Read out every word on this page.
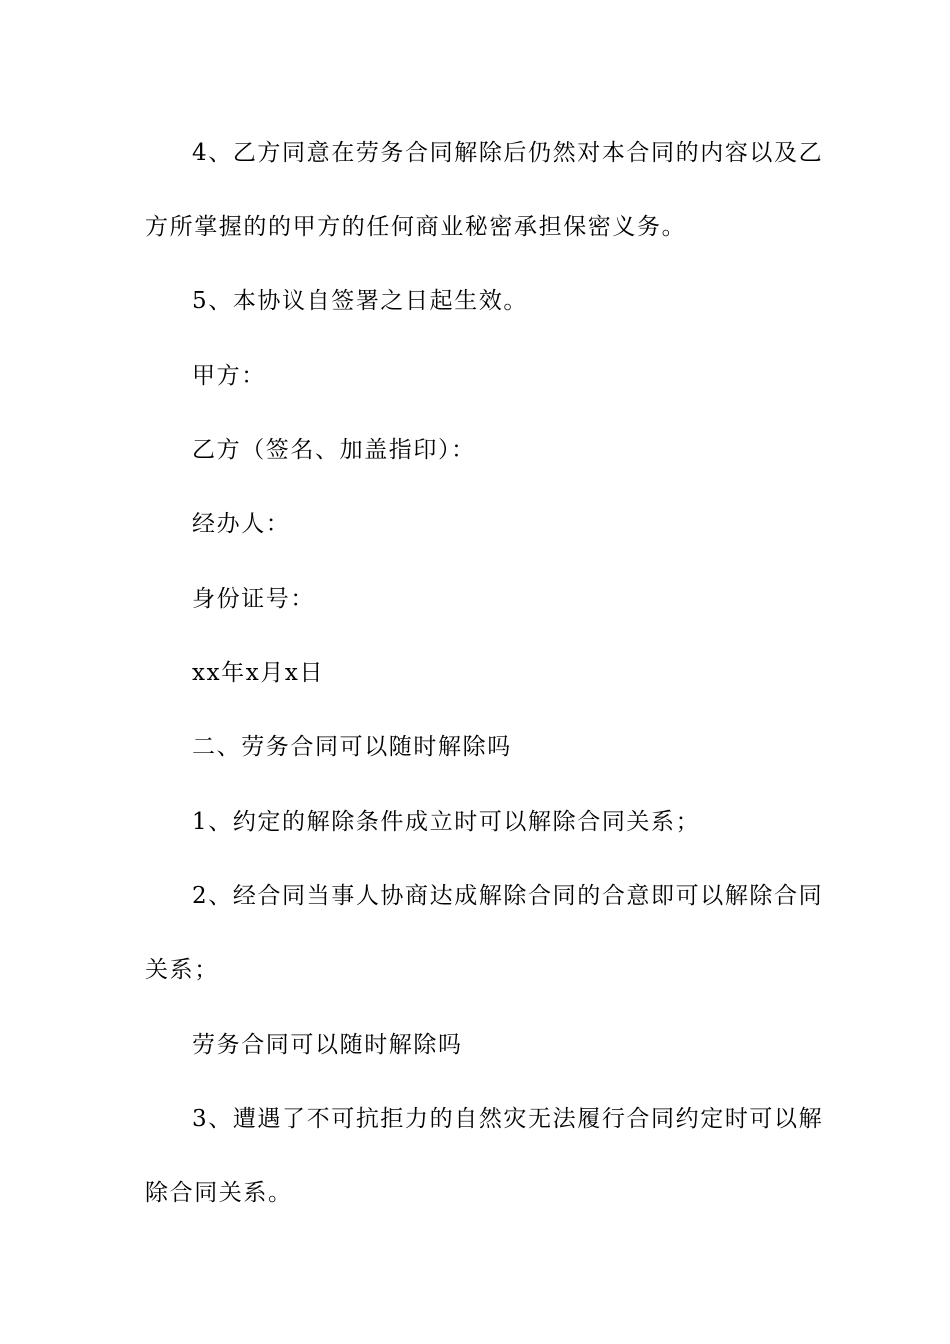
4、乙方同意在劳务合同解除后仍然对本合同的内容以及乙
方所掌握的的甲方的任何商业秘密承担保密义务。
5、本协议自签署之日起生效。
甲方：
乙方（签名、加盖指印）：
经办人：
身份证号：
xx年x月x日
二、劳务合同可以随时解除吗
1、约定的解除条件成立时可以解除合同关系；
2、经合同当事人协商达成解除合同的合意即可以解除合同
关系；
劳务合同可以随时解除吗
3、遭遇了不可抗拒力的自然灾无法履行合同约定时可以解
除合同关系。
